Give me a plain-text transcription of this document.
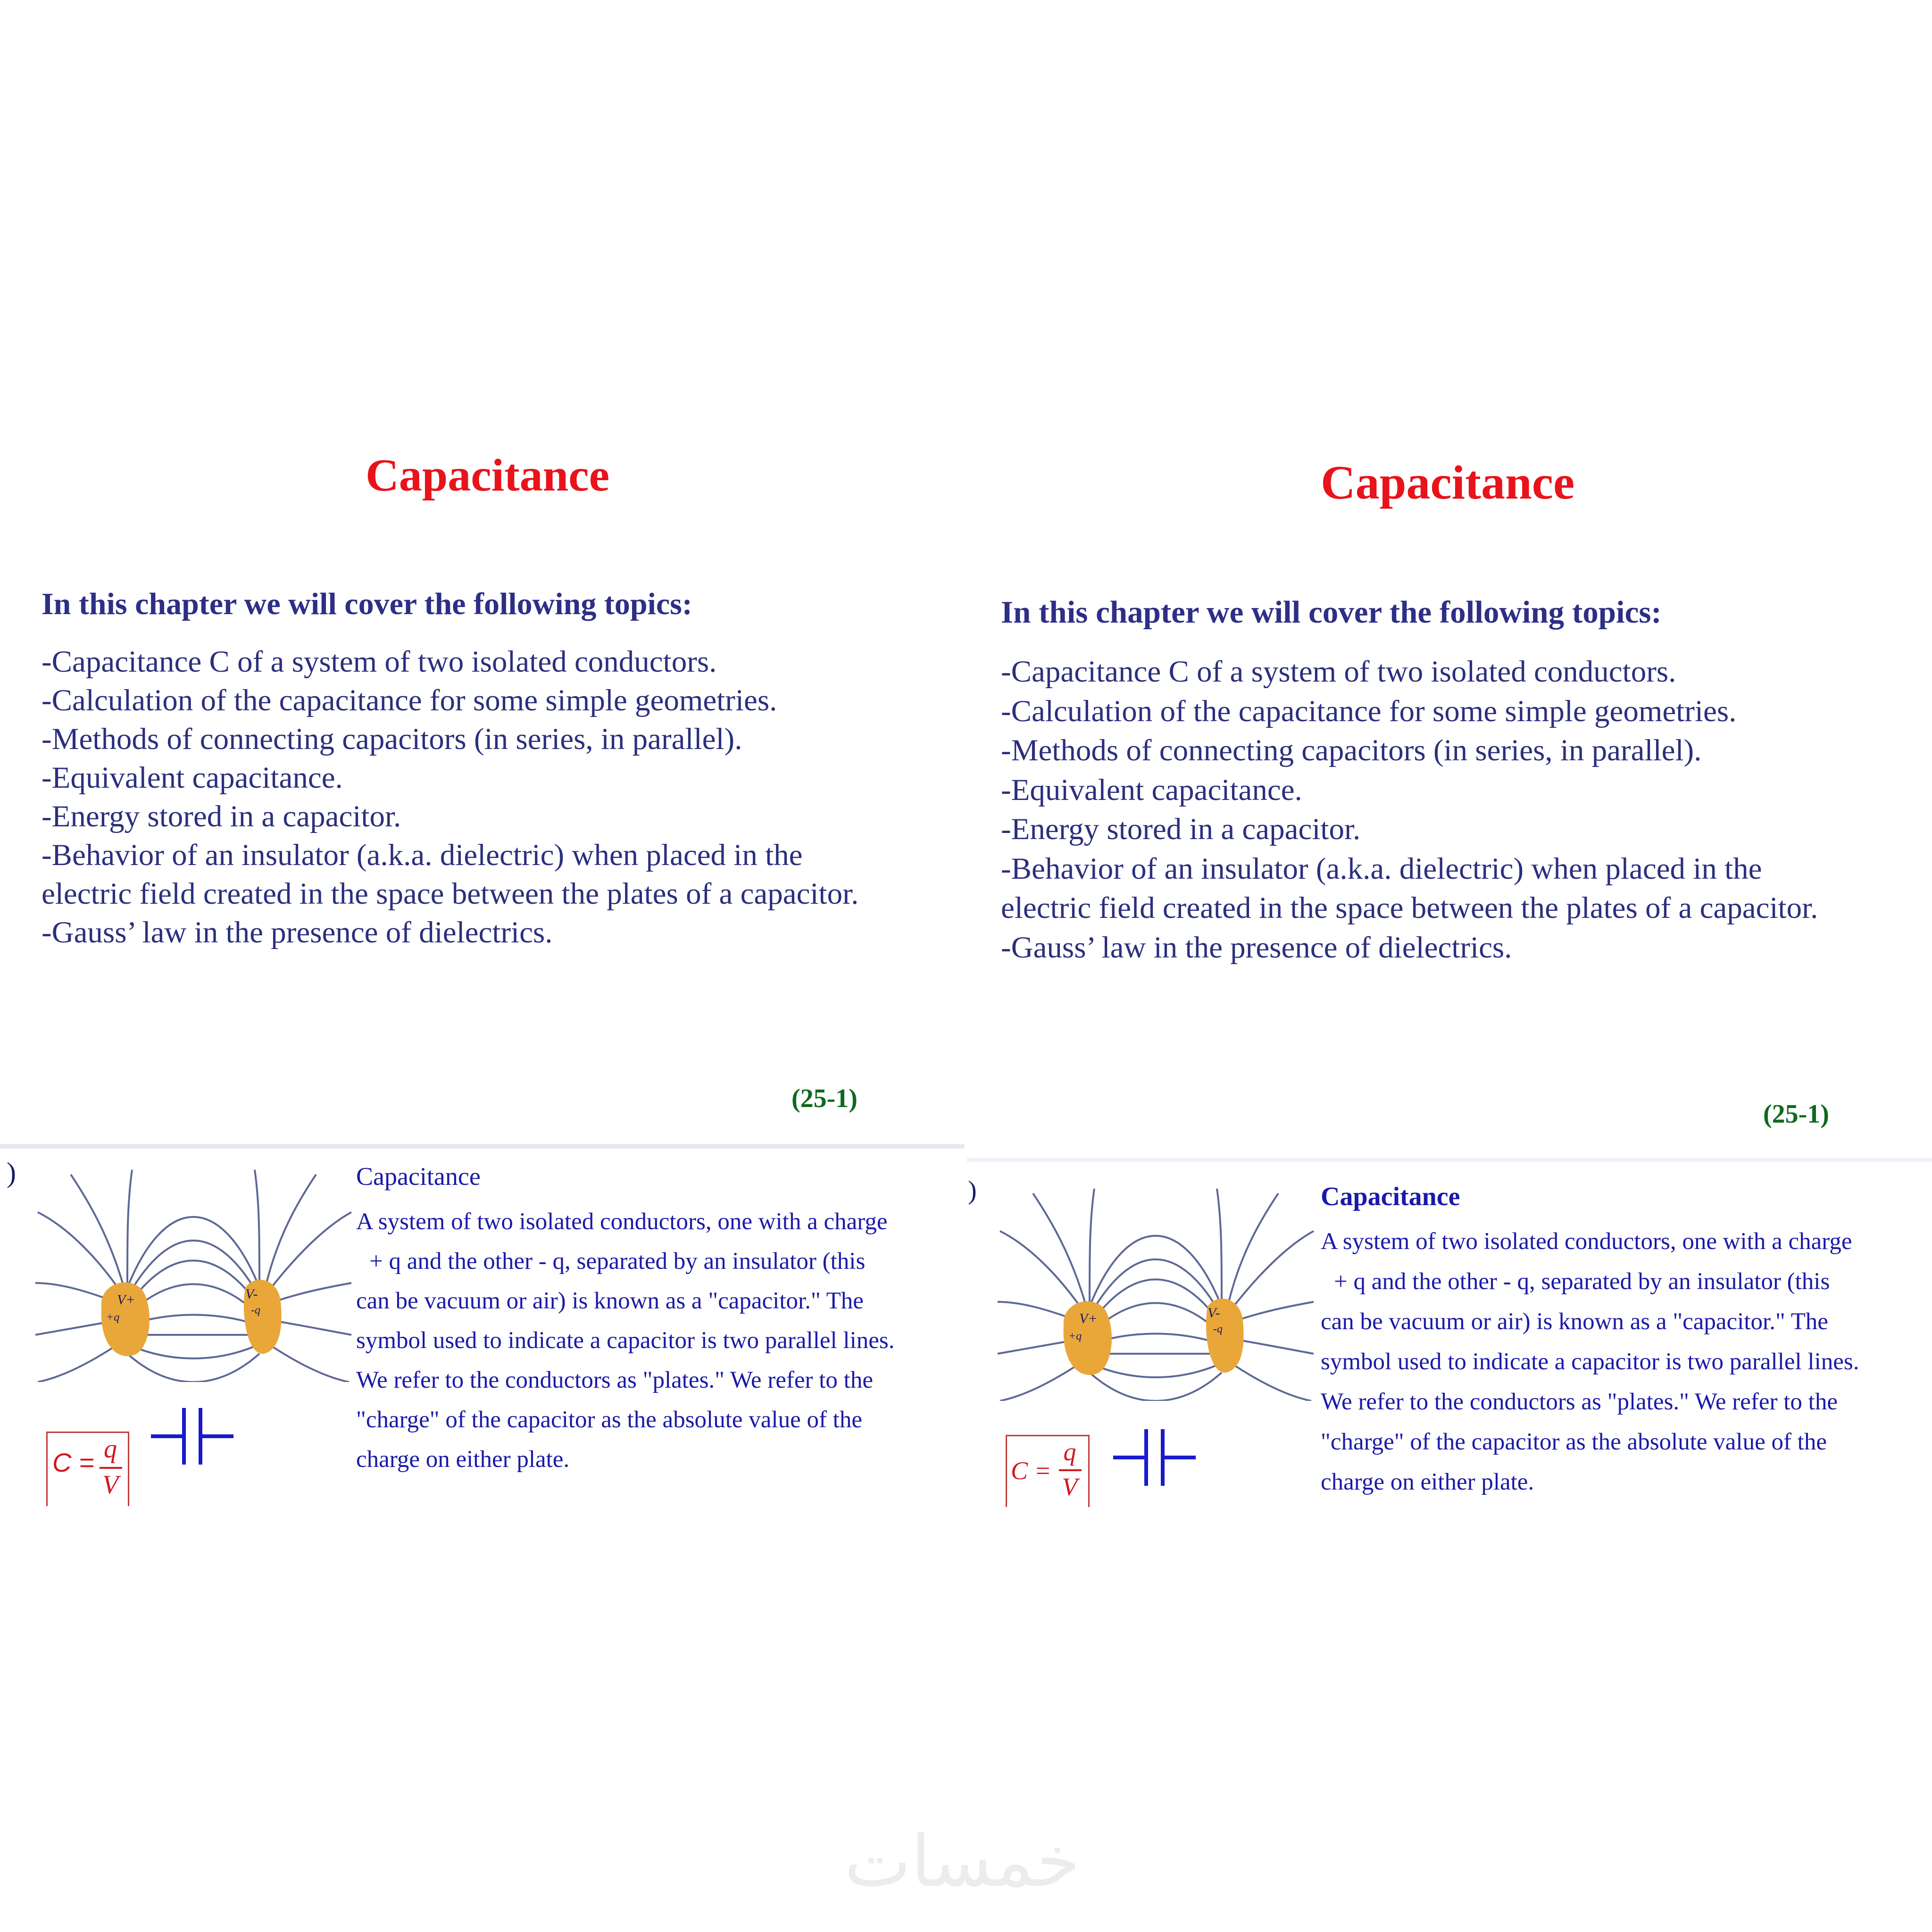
Capacitance
In this chapter we will cover the following topics:
-Capacitance C of a system of two isolated conductors.
-Calculation of the capacitance for some simple geometries.
-Methods of connecting capacitors (in series, in parallel).
-Equivalent capacitance.
-Energy stored in a capacitor.
-Behavior of an insulator (a.k.a. dielectric) when placed in the
electric field created in the space between the plates of a capacitor.
-Gauss’ law in the presence of dielectrics.
(25-1)
)
V+
+q
V-
-q
C = q
V
Capacitance
A system of two isolated conductors, one with a charge
+ q and the other - q, separated by an insulator (this
can be vacuum or air) is known as a "capacitor." The
symbol used to indicate a capacitor is two parallel lines.
We refer to the conductors as "plates." We refer to the
"charge" of the capacitor as the absolute value of the
charge on either plate.
Capacitance
In this chapter we will cover the following topics:
-Capacitance C of a system of two isolated conductors.
-Calculation of the capacitance for some simple geometries.
-Methods of connecting capacitors (in series, in parallel).
-Equivalent capacitance.
-Energy stored in a capacitor.
-Behavior of an insulator (a.k.a. dielectric) when placed in the
electric field created in the space between the plates of a capacitor.
-Gauss’ law in the presence of dielectrics.
(25-1)
)
V+
+q
V-
-q
C =
q
V
Capacitance
A system of two isolated conductors, one with a charge
+ q and the other - q, separated by an insulator (this
can be vacuum or air) is known as a "capacitor." The
symbol used to indicate a capacitor is two parallel lines.
We refer to the conductors as "plates." We refer to the
"charge" of the capacitor as the absolute value of the
charge on either plate.
خمسات
